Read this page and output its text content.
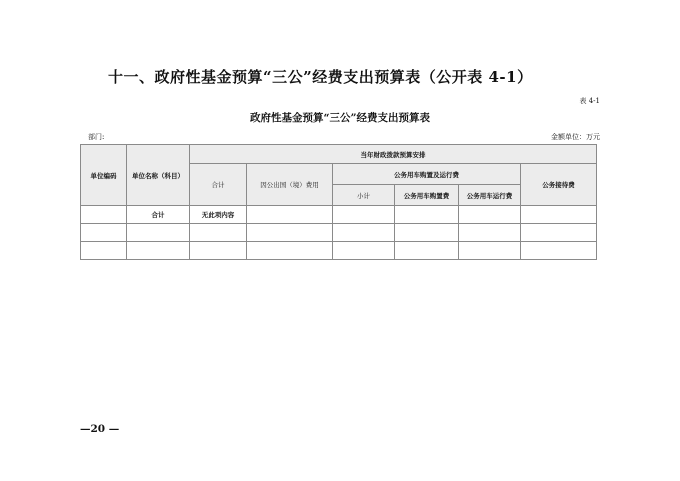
十一、政府性基金预算“三公”经费支出预算表（公开表 4-1）
表 4-1
政府性基金预算“三公”经费支出预算表
部门:	金额单位：万元
单位编码	单位名称（科目）	当年财政拨款预算安排					
		合计	因公出国（境）费用	公务用车购置及运行费			公务接待费
				小计	公务用车购置费	公务用车运行费	
	合计	无此项内容					

—20 —
